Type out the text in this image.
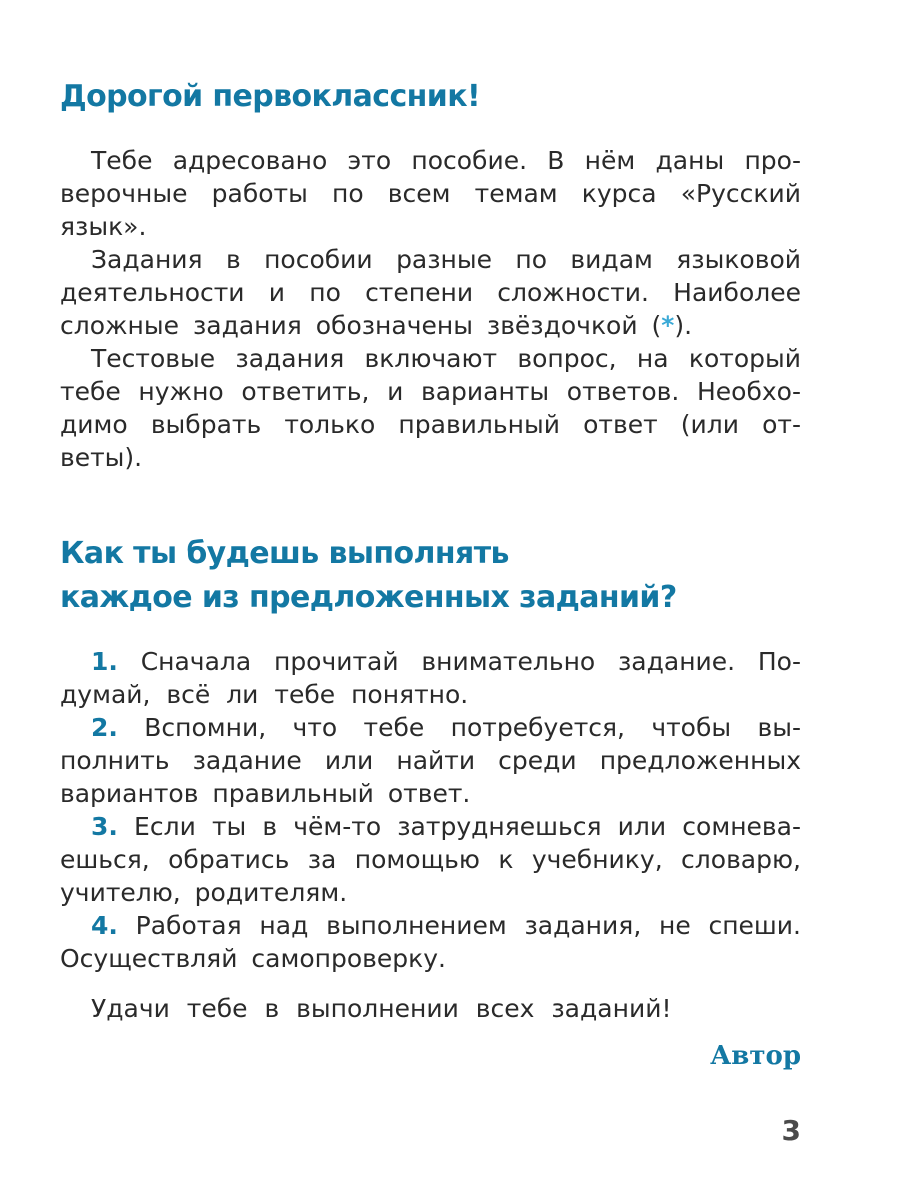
Дорогой первоклассник!

Тебе адресовано это пособие. В нём даны про-

верочные работы по всем темам курса «Русский

язык».

Задания в пособии разные по видам языковой

деятельности и по степени сложности. Наиболее

сложные задания обозначены звёздочкой (*).

Тестовые задания включают вопрос, на который

тебе нужно ответить, и варианты ответов. Необхо-

димо выбрать только правильный ответ (или от-

веты).

Как ты будешь выполнять
каждое из предложенных заданий?

1. Сначала прочитай внимательно задание. По-

думай, всё ли тебе понятно.

2. Вспомни, что тебе потребуется, чтобы вы-

полнить задание или найти среди предложенных

вариантов правильный ответ.

3. Если ты в чём-то затрудняешься или сомнева-

ешься, обратись за помощью к учебнику, словарю,

учителю, родителям.

4. Работая над выполнением задания, не спеши.

Осуществляй самопроверку.

Удачи тебе в выполнении всех заданий!

Автор

3
